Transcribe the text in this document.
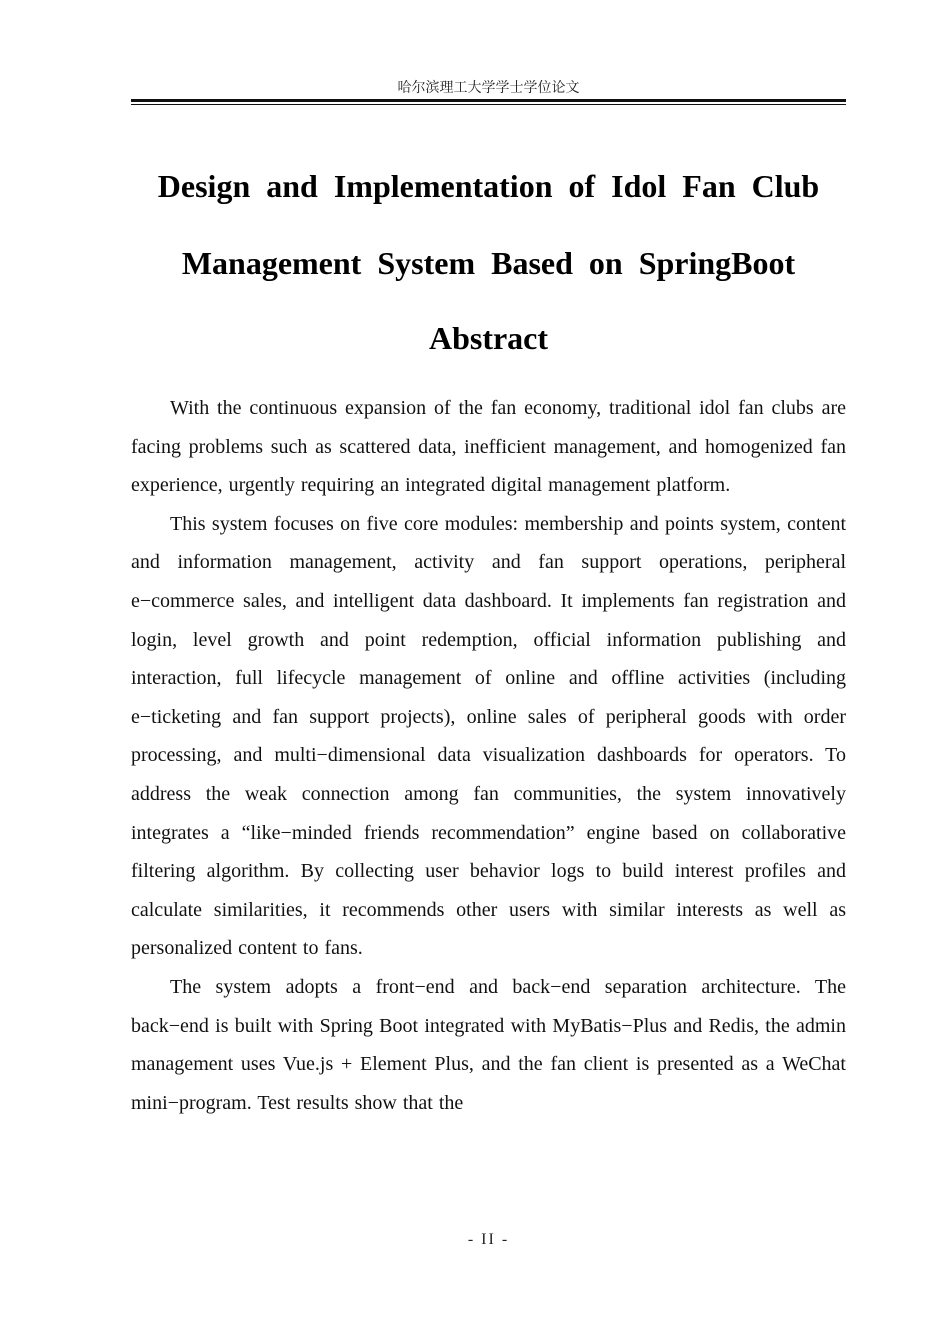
哈尔滨理工大学学士学位论文
Design and Implementation of Idol Fan Club Management System Based on SpringBoot
Abstract

With the continuous expansion of the fan economy, traditional idol fan clubs are facing problems such as scattered data, inefficient management, and homogenized fan experience, urgently requiring an integrated digital management platform.

This system focuses on five core modules: membership and points system, content and information management, activity and fan support operations, peripheral e−commerce sales, and intelligent data dashboard. It implements fan registration and login, level growth and point redemption, official information publishing and interaction, full lifecycle management of online and offline activities (including e−ticketing and fan support projects), online sales of peripheral goods with order processing, and multi−dimensional data visualization dashboards for operators. To address the weak connection among fan communities, the system innovatively integrates a “like−minded friends recommendation” engine based on collaborative filtering algorithm. By collecting user behavior logs to build interest profiles and calculate similarities, it recommends other users with similar interests as well as personalized content to fans.

The system adopts a front−end and back−end separation architecture. The back−end is built with Spring Boot integrated with MyBatis−Plus and Redis, the admin management uses Vue.js + Element Plus, and the fan client is presented as a WeChat mini−program. Test results show that the

- II -
